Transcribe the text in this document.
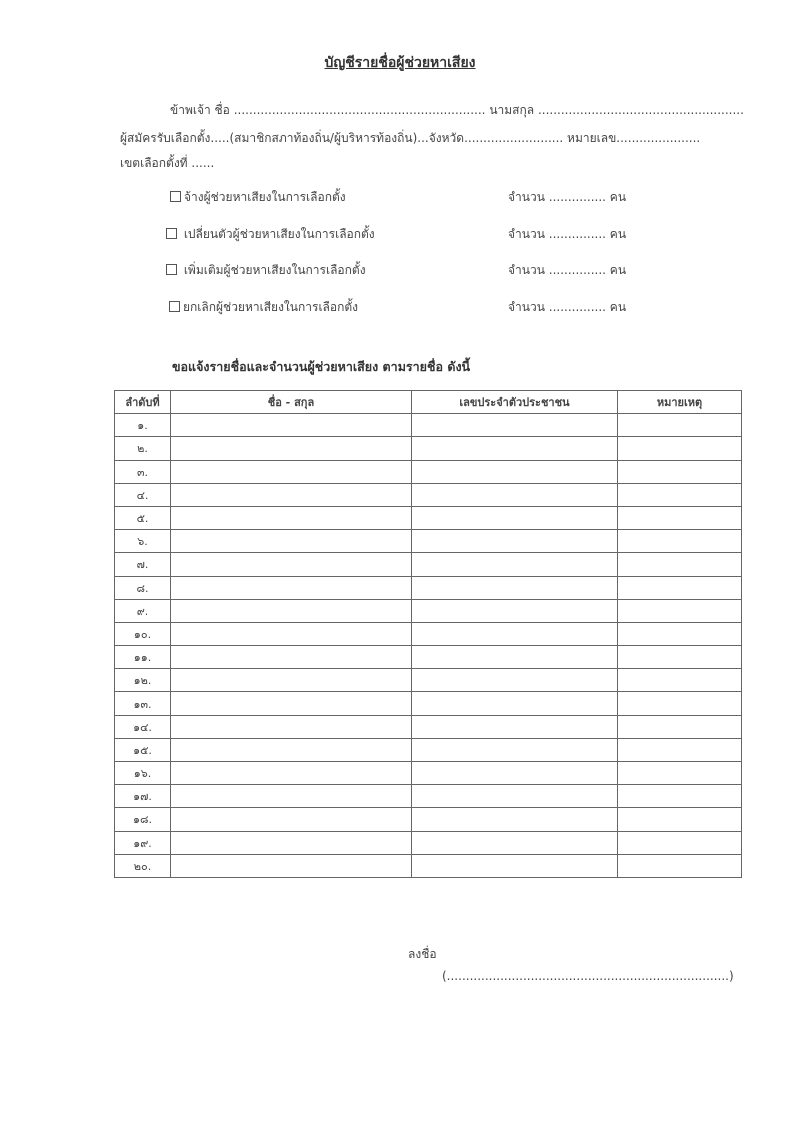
บัญชีรายชื่อผู้ช่วยหาเสียง
ข้าพเจ้า ชื่อ .................................................................. นามสกุล ......................................................
ผู้สมัครรับเลือกตั้ง.....(สมาชิกสภาท้องถิ่น/ผู้บริหารท้องถิ่น)...จังหวัด.......................... หมายเลข......................
เขตเลือกตั้งที่ ......
จ้างผู้ช่วยหาเสียงในการเลือกตั้ง	จำนวน ............... คน
เปลี่ยนตัวผู้ช่วยหาเสียงในการเลือกตั้ง	จำนวน ............... คน
เพิ่มเติมผู้ช่วยหาเสียงในการเลือกตั้ง	จำนวน ............... คน
ยกเลิกผู้ช่วยหาเสียงในการเลือกตั้ง	จำนวน ............... คน
ขอแจ้งรายชื่อและจำนวนผู้ช่วยหาเสียง ตามรายชื่อ ดังนี้
ลำดับที่	ชื่อ - สกุล	เลขประจำตัวประชาชน	หมายเหตุ
๑.			
๒.			
๓.			
๔.			
๕.			
๖.			
๗.			
๘.			
๙.			
๑๐.			
๑๑.			
๑๒.			
๑๓.			
๑๔.			
๑๕.			
๑๖.			
๑๗.			
๑๘.			
๑๙.			
๒๐.			
ลงชื่อ
(..........................................................................)
